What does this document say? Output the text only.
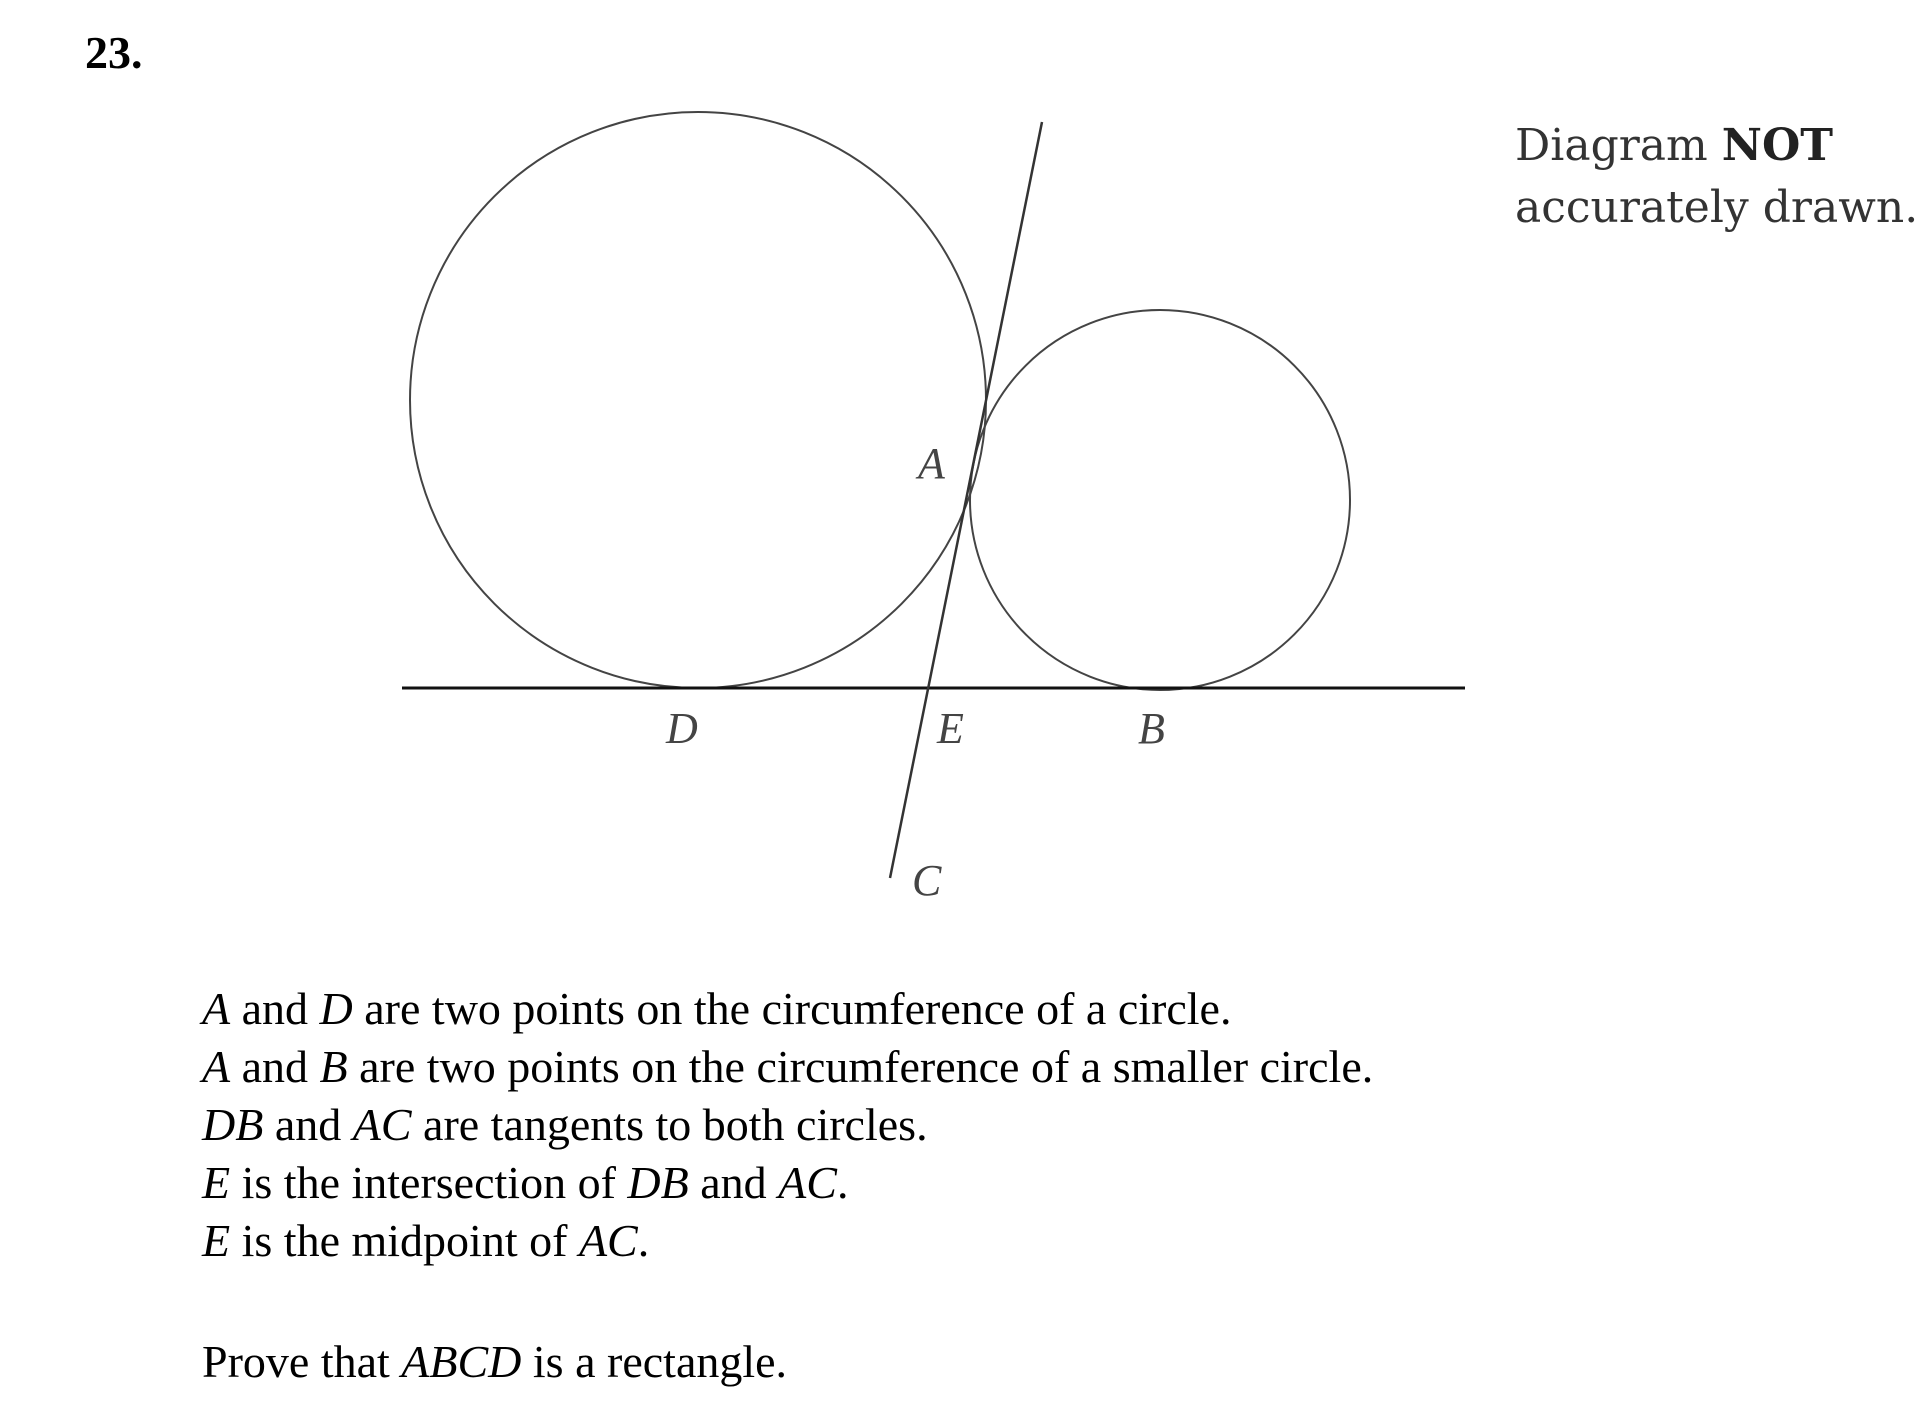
23.
A
D	E	B
C
Diagram NOT
accurately drawn.
A and D are two points on the circumference of a circle.
A and B are two points on the circumference of a smaller circle.
DB and AC are tangents to both circles.
E is the intersection of DB and AC.
E is the midpoint of AC.
Prove that ABCD is a rectangle.
